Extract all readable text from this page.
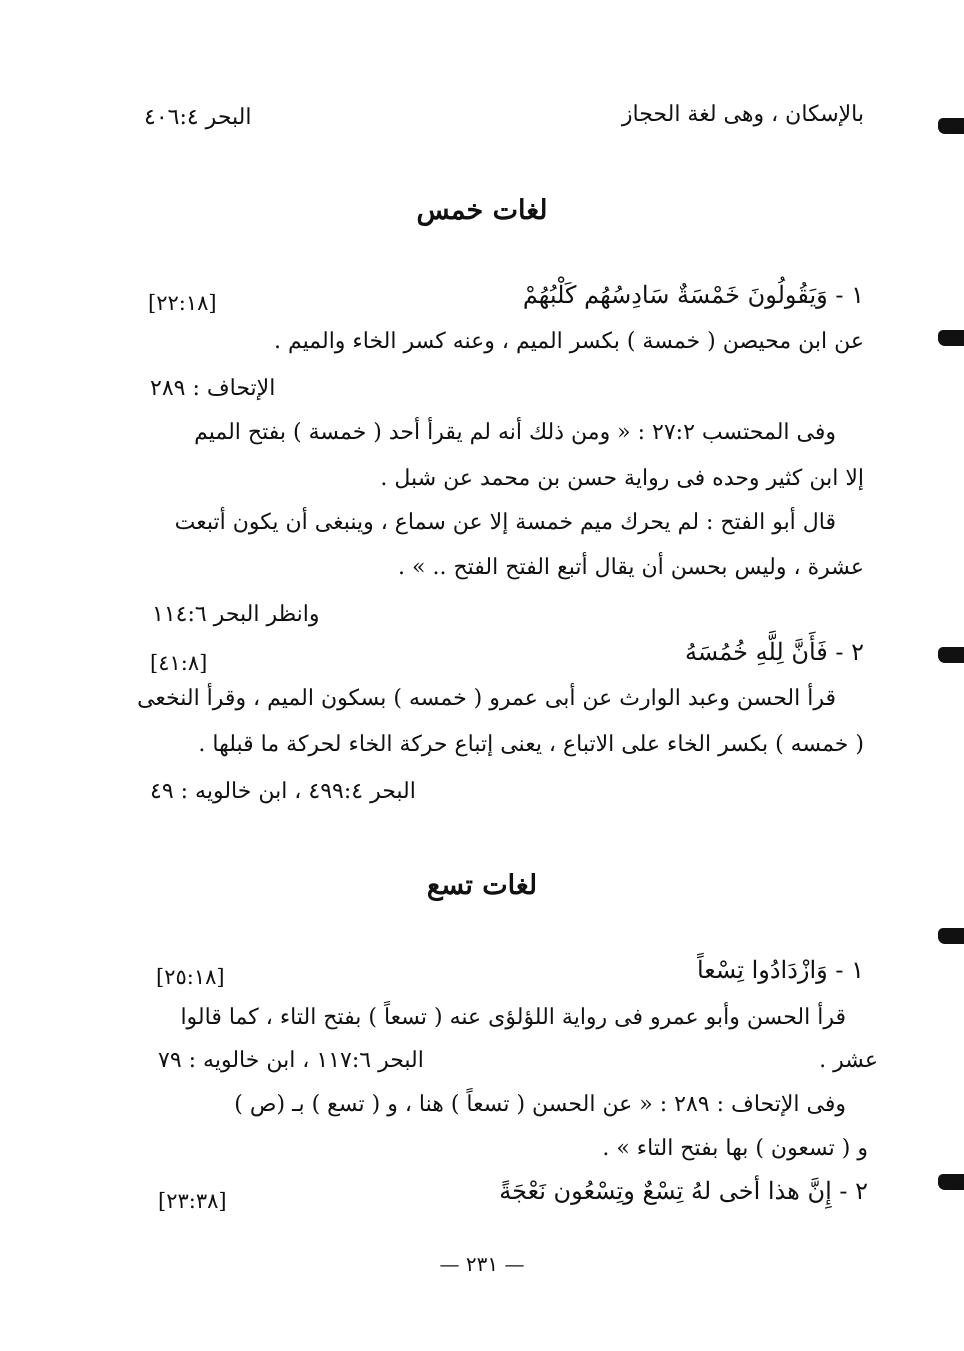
بالإسكان ، وهى لغة الحجاز
البحر ٤٠٦:٤
لغات خمس
١ - وَيَقُولُونَ خَمْسَةٌ سَادِسُهُم كَلْبُهُمْ
[٢٢:١٨]
عن ابن محيصن ( خمسة ) بكسر الميم ، وعنه كسر الخاء والميم .
الإتحاف : ٢٨٩
وفى المحتسب ٢٧:٢ : « ومن ذلك أنه لم يقرأ أحد ( خمسة ) بفتح الميم
إلا ابن كثير وحده فى رواية حسن بن محمد عن شبل .
قال أبو الفتح : لم يحرك ميم خمسة إلا عن سماع ، وينبغى أن يكون أتبعت
عشرة ، وليس بحسن أن يقال أتبع الفتح الفتح .. » .
وانظر البحر ١١٤:٦
٢ - فَأَنَّ لِلَّهِ خُمُسَهُ
[٤١:٨]
قرأ الحسن وعبد الوارث عن أبى عمرو ( خمسه ) بسكون الميم ، وقرأ النخعى
( خمسه ) بكسر الخاء على الاتباع ، يعنى إتباع حركة الخاء لحركة ما قبلها .
البحر ٤٩٩:٤ ، ابن خالويه : ٤٩
لغات تسع
١ - وَازْدَادُوا تِسْعاً
[٢٥:١٨]
قرأ الحسن وأبو عمرو فى رواية اللؤلؤى عنه ( تسعاً ) بفتح التاء ، كما قالوا
عشر .
البحر ١١٧:٦ ، ابن خالويه : ٧٩
وفى الإتحاف : ٢٨٩ : « عن الحسن ( تسعاً ) هنا ، و ( تسع ) بـ (ص )
و ( تسعون ) بها بفتح التاء » .
٢ - إِنَّ هذا أخى لهُ تِسْعٌ وتِسْعُون نَعْجَةً
[٢٣:٣٨]
— ٢٣١ —
